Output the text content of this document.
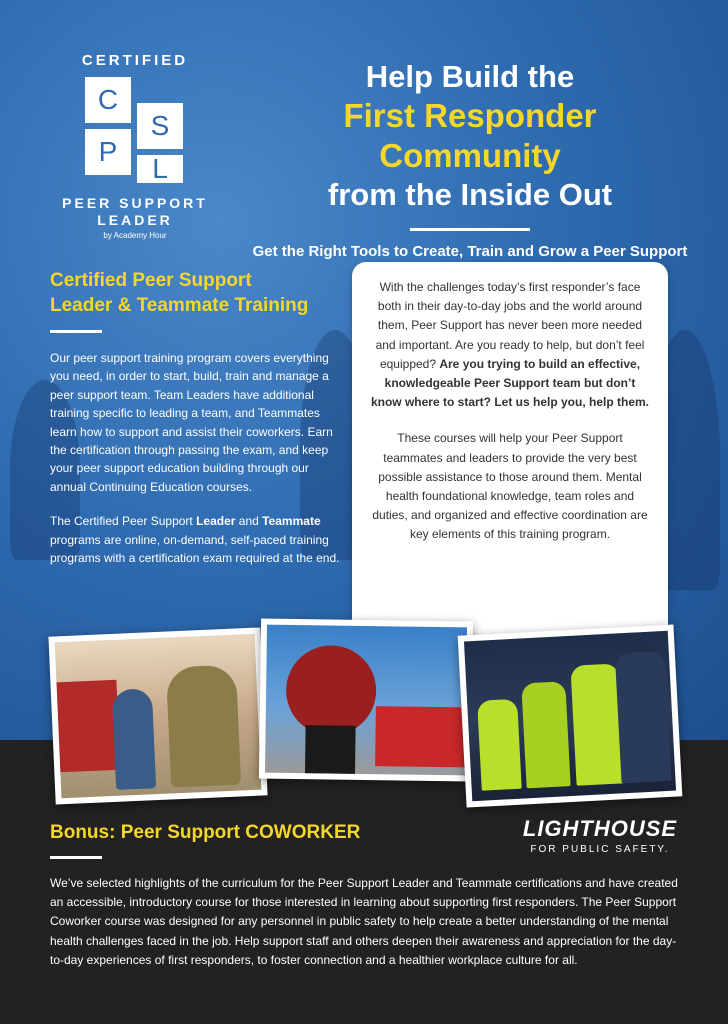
CERTIFIED
C
S
P
L
PEER SUPPORT
LEADER
by Academy Hour
Help Build the
First Responder Community
from the Inside Out
Get the Right Tools to Create, Train and Grow a Peer Support
Certified Peer Support
Leader & Teammate Training

Our peer support training program covers everything you need, in order to start, build, train and manage a peer support team. Team Leaders have additional training specific to leading a team, and Teammates learn how to support and assist their coworkers. Earn the certification through passing the exam, and keep your peer support education building through our annual Continuing Education courses.

The Certified Peer Support Leader and Teammate programs are online, on-demand, self-paced training programs with a certification exam required at the end.

With the challenges today’s first responder’s face both in their day-to-day jobs and the world around them, Peer Support has never been more needed and important. Are you ready to help, but don’t feel equipped? Are you trying to build an effective, knowledgeable Peer Support team but don’t know where to start? Let us help you, help them.

These courses will help your Peer Support teammates and leaders to provide the very best possible assistance to those around them. Mental health foundational knowledge, team roles and duties, and organized and effective coordination are key elements of this training program.

Bonus: Peer Support COWORKER	LIGHTHOUSE
FOR PUBLIC SAFETY.

We’ve selected highlights of the curriculum for the Peer Support Leader and Teammate certifications and have created an accessible, introductory course for those interested in learning about supporting first responders. The Peer Support Coworker course was designed for any personnel in public safety to help create a better understanding of the mental health challenges faced in the job. Help support staff and others deepen their awareness and appreciation for the day-to-day experiences of first responders, to foster connection and a healthier workplace culture for all.
